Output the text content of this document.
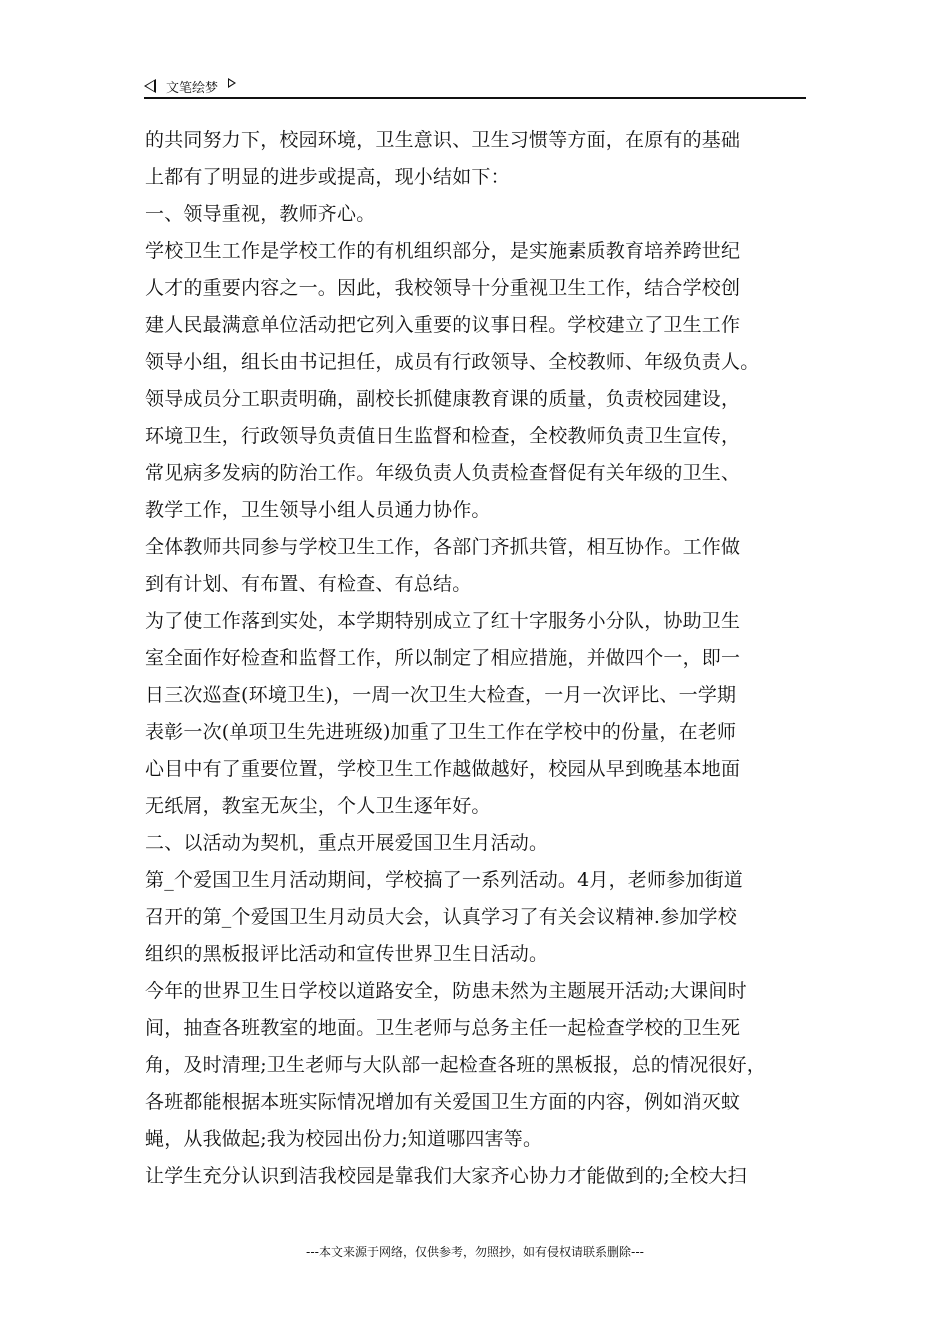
文笔绘梦
的共同努力下，校园环境，卫生意识、卫生习惯等方面，在原有的基础
上都有了明显的进步或提高，现小结如下：
一、领导重视，教师齐心。
学校卫生工作是学校工作的有机组织部分，是实施素质教育培养跨世纪
人才的重要内容之一。因此，我校领导十分重视卫生工作，结合学校创
建人民最满意单位活动把它列入重要的议事日程。学校建立了卫生工作
领导小组，组长由书记担任，成员有行政领导、全校教师、年级负责人。
领导成员分工职责明确，副校长抓健康教育课的质量，负责校园建设，
环境卫生，行政领导负责值日生监督和检查，全校教师负责卫生宣传，
常见病多发病的防治工作。年级负责人负责检查督促有关年级的卫生、
教学工作，卫生领导小组人员通力协作。
全体教师共同参与学校卫生工作，各部门齐抓共管，相互协作。工作做
到有计划、有布置、有检查、有总结。
为了使工作落到实处，本学期特别成立了红十字服务小分队，协助卫生
室全面作好检查和监督工作，所以制定了相应措施，并做四个一，即一
日三次巡查(环境卫生)，一周一次卫生大检查，一月一次评比、一学期
表彰一次(单项卫生先进班级)加重了卫生工作在学校中的份量，在老师
心目中有了重要位置，学校卫生工作越做越好，校园从早到晚基本地面
无纸屑，教室无灰尘，个人卫生逐年好。
二、以活动为契机，重点开展爱国卫生月活动。
第_个爱国卫生月活动期间，学校搞了一系列活动。4月，老师参加街道
召开的第_个爱国卫生月动员大会，认真学习了有关会议精神.参加学校
组织的黑板报评比活动和宣传世界卫生日活动。
今年的世界卫生日学校以道路安全，防患未然为主题展开活动;大课间时
间，抽查各班教室的地面。卫生老师与总务主任一起检查学校的卫生死
角，及时清理;卫生老师与大队部一起检查各班的黑板报，总的情况很好，
各班都能根据本班实际情况增加有关爱国卫生方面的内容，例如消灭蚊
蝇，从我做起;我为校园出份力;知道哪四害等。
让学生充分认识到洁我校园是靠我们大家齐心协力才能做到的;全校大扫
---本文来源于网络，仅供参考，勿照抄，如有侵权请联系删除---
